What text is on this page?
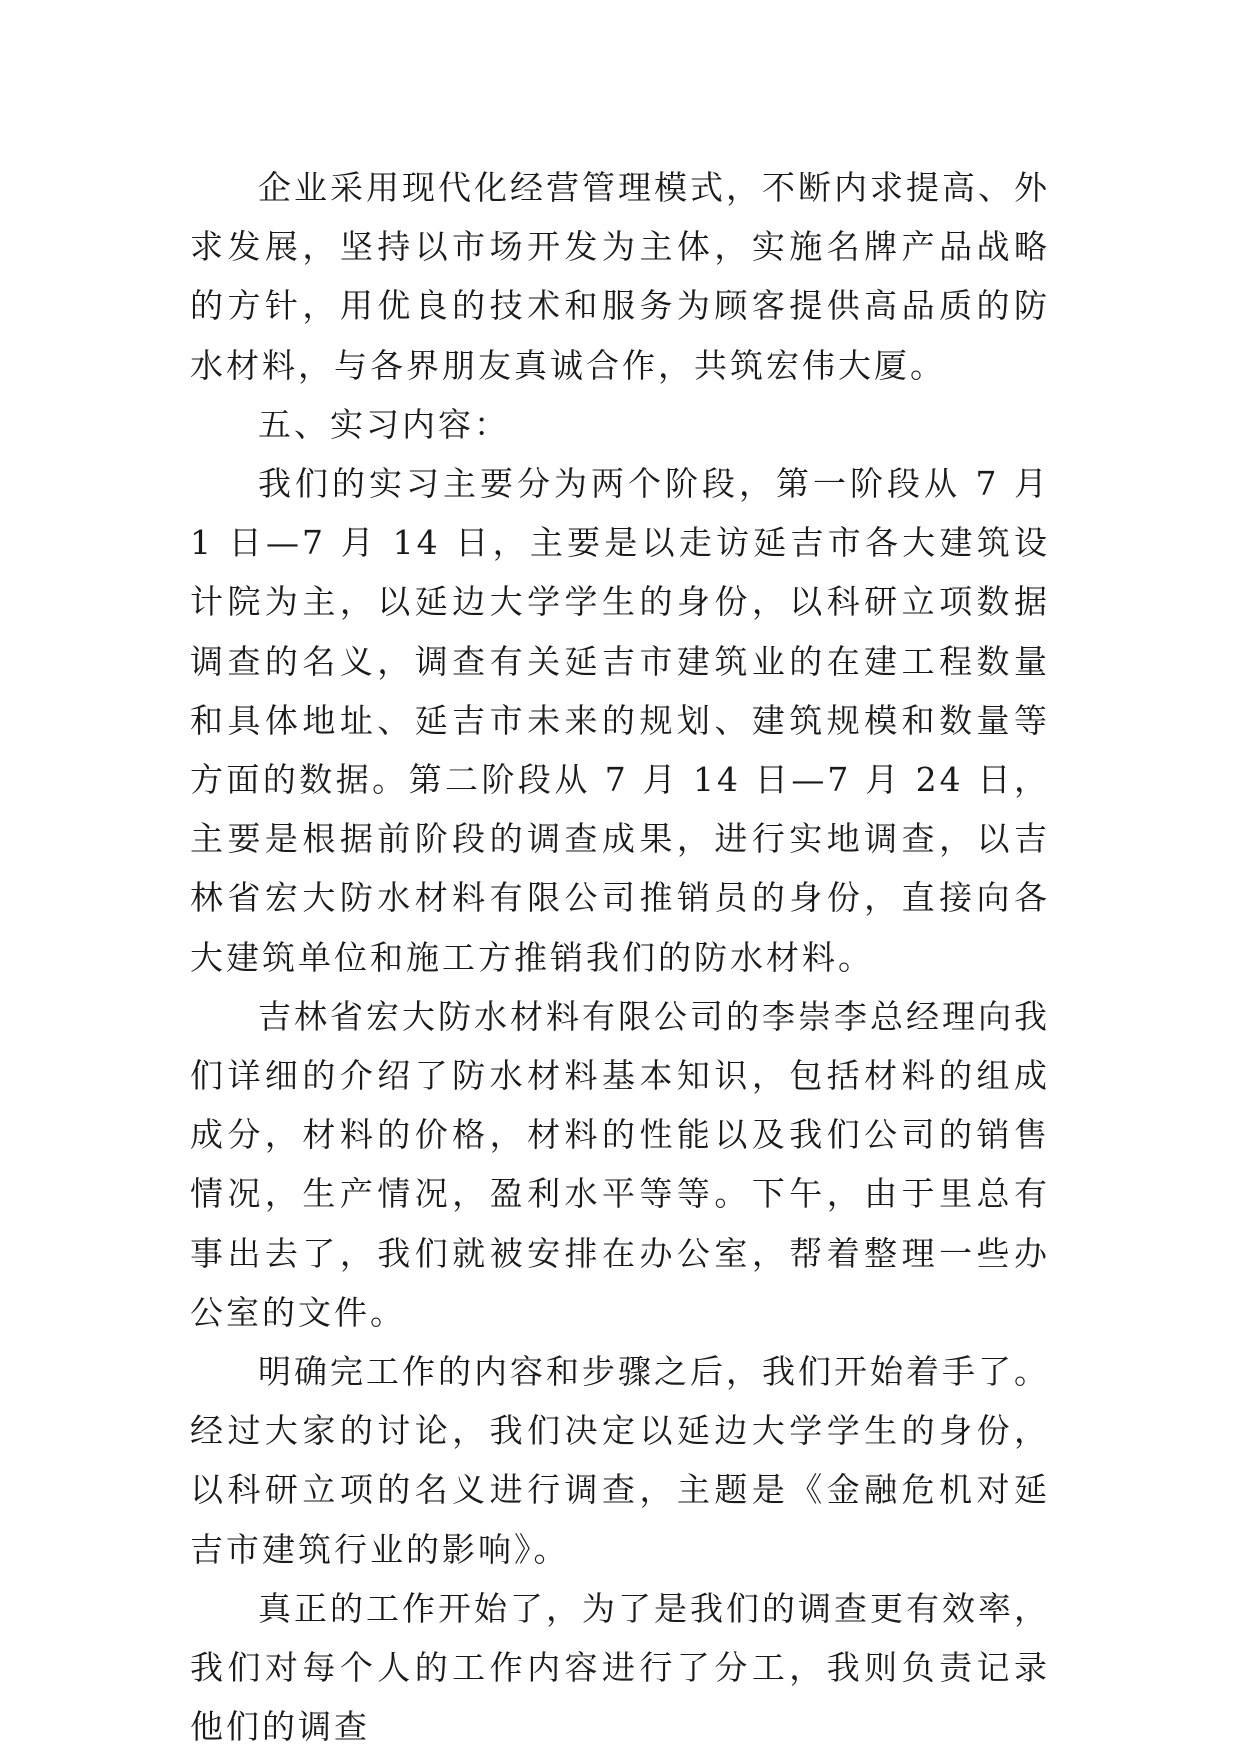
企业采用现代化经营管理模式，不断内求提高、外求发展，坚持以市场开发为主体，实施名牌产品战略的方针，用优良的技术和服务为顾客提供高品质的防水材料，与各界朋友真诚合作，共筑宏伟大厦。

五、实习内容：

我们的实习主要分为两个阶段，第一阶段从 7 月 1 日—7 月 14 日，主要是以走访延吉市各大建筑设计院为主，以延边大学学生的身份，以科研立项数据调查的名义，调查有关延吉市建筑业的在建工程数量和具体地址、延吉市未来的规划、建筑规模和数量等方面的数据。第二阶段从 7 月 14 日—7 月 24 日，主要是根据前阶段的调查成果，进行实地调查，以吉林省宏大防水材料有限公司推销员的身份，直接向各大建筑单位和施工方推销我们的防水材料。

吉林省宏大防水材料有限公司的李崇李总经理向我们详细的介绍了防水材料基本知识，包括材料的组成成分，材料的价格，材料的性能以及我们公司的销售情况，生产情况，盈利水平等等。下午，由于里总有事出去了，我们就被安排在办公室，帮着整理一些办公室的文件。

明确完工作的内容和步骤之后，我们开始着手了。经过大家的讨论，我们决定以延边大学学生的身份，以科研立项的名义进行调查，主题是《金融危机对延吉市建筑行业的影响》。

真正的工作开始了，为了是我们的调查更有效率，我们对每个人的工作内容进行了分工，我则负责记录他们的调查
